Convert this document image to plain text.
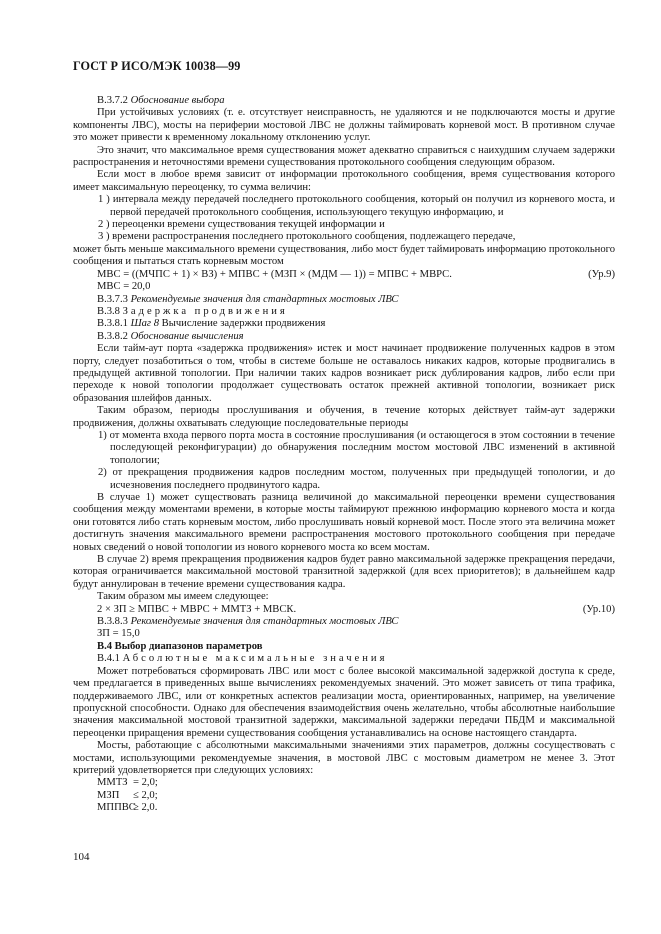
ГОСТ Р ИСО/МЭК 10038—99

В.3.7.2 Обоснование выбора

При устойчивых условиях (т. е. отсутствует неисправность, не удаляются и не подключаются мосты и другие компоненты ЛВС), мосты на периферии мостовой ЛВС не должны таймировать корневой мост. В противном случае это может привести к временному локальному отклонению услуг.

Это значит, что максимальное время существования может адекватно справиться с наихудшим случаем задержки распространения и неточностями времени существования протокольного сообщения следующим образом.

Если мост в любое время зависит от информации протокольного сообщения, время существования которого имеет максимальную переоценку, то сумма величин:

1 ) интервала между передачей последнего протокольного сообщения, который он получил из корневого моста, и первой передачей протокольного сообщения, использующего текущую информацию, и

2 ) переоценки времени существования текущей информации и

3 ) времени распространения последнего протокольного сообщения, подлежащего передаче,

может быть меньше максимального времени существования, либо мост будет таймировать информацию протокольного сообщения и пытаться стать корневым мостом

МВС = ((МЧПС + 1) × ВЗ) + МПВС + (МЗП × (МДМ — 1)) = МПВС + МВРС.	(Ур.9)

МВС = 20,0

В.3.7.3 Рекомендуемые значения для стандартных мостовых ЛВС

В.3.8 Задержка продвижения

В.3.8.1 Шаг 8 Вычисление задержки продвижения

В.3.8.2 Обоснование вычисления

Если тайм-аут порта «задержка продвижения» истек и мост начинает продвижение полученных кадров в этом порту, следует позаботиться о том, чтобы в системе больше не оставалось никаких кадров, которые продвигались в предыдущей активной топологии. При наличии таких кадров возникает риск дублирования кадров, либо если при переходе к новой топологии продолжает существовать остаток прежней активной топологии, возникает риск образования шлейфов данных.

Таким образом, периоды прослушивания и обучения, в течение которых действует тайм-аут задержки продвижения, должны охватывать следующие последовательные периоды

1) от момента входа первого порта моста в состояние прослушивания (и остающегося в этом состоянии в течение последующей реконфигурации) до обнаружения последним мостом мостовой ЛВС изменений в активной топологии;

2) от прекращения продвижения кадров последним мостом, полученных при предыдущей топологии, и до исчезновения последнего продвинутого кадра.

В случае 1) может существовать разница величиной до максимальной переоценки времени существования сообщения между моментами времени, в которые мосты таймируют прежнюю информацию корневого моста и когда они готовятся либо стать корневым мостом, либо прослушивать новый корневой мост. После этого эта величина может достигнуть значения максимального времени распространения мостового протокольного сообщения при передаче новых сведений о новой топологии из нового корневого моста ко всем мостам.

В случае 2) время прекращения продвижения кадров будет равно максимальной задержке прекращения передачи, которая ограничивается максимальной мостовой транзитной задержкой (для всех приоритетов); в дальнейшем кадр будут аннулирован в течение времени существования кадра.

Таким образом мы имеем следующее:

2 × ЗП ≥ МПВС + МВРС + ММТЗ + МВСК.	(Ур.10)

В.3.8.3 Рекомендуемые значения для стандартных мостовых ЛВС

ЗП = 15,0

В.4 Выбор диапазонов параметров

В.4.1 Абсолютные максимальные значения

Может потребоваться сформировать ЛВС или мост с более высокой максимальной задержкой доступа к среде, чем предлагается в приведенных выше вычислениях рекомендуемых значений. Это может зависеть от типа трафика, поддерживаемого ЛВС, или от конкретных аспектов реализации моста, ориентированных, например, на увеличение пропускной способности. Однако для обеспечения взаимодействия очень желательно, чтобы абсолютные наибольшие значения максимальной мостовой транзитной задержки, максимальной задержки передачи ПБДМ и максимальной переоценки приращения времени существования сообщения устанавливались на основе настоящего стандарта.

Мосты, работающие с абсолютными максимальными значениями этих параметров, должны сосуществовать с мостами, использующими рекомендуемые значения, в мостовой ЛВС с мостовым диаметром не менее 3. Этот критерий удовлетворяется при следующих условиях:

ММТЗ = 2,0;
МЗП	≤ 2,0;
МППВС
≥ 2,0.
104
